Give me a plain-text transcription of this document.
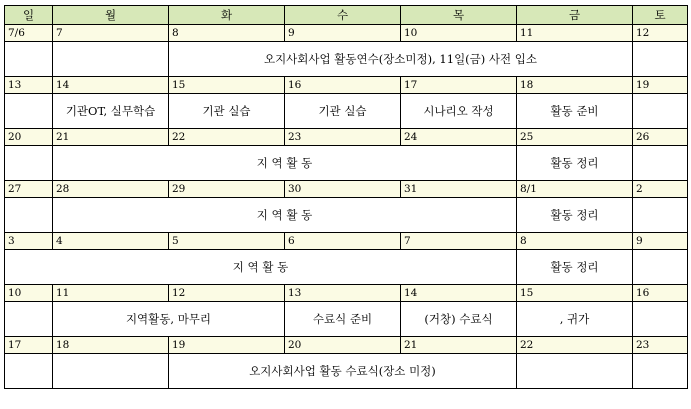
일	월	화	수	목	금	토
7/6	7	8	9	10	11	12
		오지사회사업 활동연수(장소미정), 11일(금) 사전 입소				
13	14	15	16	17	18	19
	기관OT, 실무학습	기관 실습	기관 실습	시나리오 작성	활동 준비	
20	21	22	23	24	25	26
	지 역 활 동				활동 정리	
27	28	29	30	31	8/1	2
	지 역 활 동				활동 정리	
3	4	5	6	7	8	9
지 역 활 동					활동 정리	
10	11	12	13	14	15	16
	지역활동, 마무리		수료식 준비	(거창) 수료식	, 귀가	
17	18	19	20	21	22	23
		오지사회사업 활동 수료식(장소 미정)				
